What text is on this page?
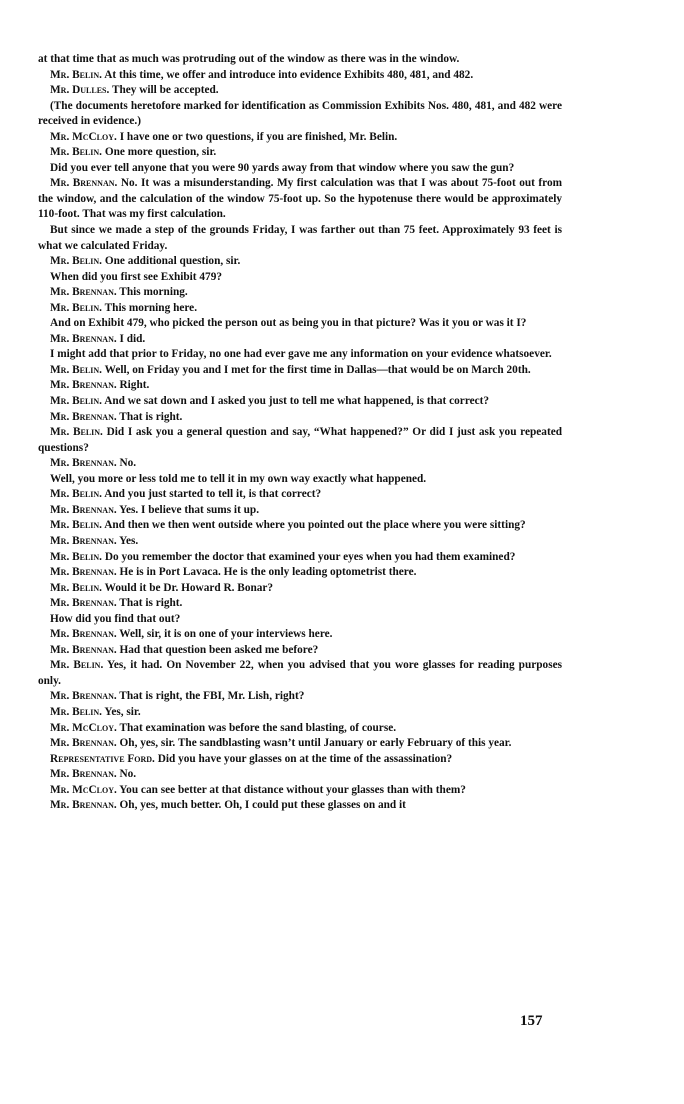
at that time that as much was protruding out of the window as there was in the window.

Mr. Belin. At this time, we offer and introduce into evidence Exhibits 480, 481, and 482.

Mr. Dulles. They will be accepted.

(The documents heretofore marked for identification as Commission Exhibits Nos. 480, 481, and 482 were received in evidence.)

Mr. McCloy. I have one or two questions, if you are finished, Mr. Belin.

Mr. Belin. One more question, sir.

Did you ever tell anyone that you were 90 yards away from that window where you saw the gun?

Mr. Brennan. No. It was a misunderstanding. My first calculation was that I was about 75-foot out from the window, and the calculation of the window 75-foot up. So the hypotenuse there would be approximately 110-foot. That was my first calculation.

But since we made a step of the grounds Friday, I was farther out than 75 feet. Approximately 93 feet is what we calculated Friday.

Mr. Belin. One additional question, sir.

When did you first see Exhibit 479?

Mr. Brennan. This morning.

Mr. Belin. This morning here.

And on Exhibit 479, who picked the person out as being you in that picture? Was it you or was it I?

Mr. Brennan. I did.

I might add that prior to Friday, no one had ever gave me any information on your evidence whatsoever.

Mr. Belin. Well, on Friday you and I met for the first time in Dallas—that would be on March 20th.

Mr. Brennan. Right.

Mr. Belin. And we sat down and I asked you just to tell me what happened, is that correct?

Mr. Brennan. That is right.

Mr. Belin. Did I ask you a general question and say, “What happened?” Or did I just ask you repeated questions?

Mr. Brennan. No.

Well, you more or less told me to tell it in my own way exactly what happened.

Mr. Belin. And you just started to tell it, is that correct?

Mr. Brennan. Yes. I believe that sums it up.

Mr. Belin. And then we then went outside where you pointed out the place where you were sitting?

Mr. Brennan. Yes.

Mr. Belin. Do you remember the doctor that examined your eyes when you had them examined?

Mr. Brennan. He is in Port Lavaca. He is the only leading optometrist there.

Mr. Belin. Would it be Dr. Howard R. Bonar?

Mr. Brennan. That is right.

How did you find that out?

Mr. Brennan. Well, sir, it is on one of your interviews here.

Mr. Brennan. Had that question been asked me before?

Mr. Belin. Yes, it had. On November 22, when you advised that you wore glasses for reading purposes only.

Mr. Brennan. That is right, the FBI, Mr. Lish, right?

Mr. Belin. Yes, sir.

Mr. McCloy. That examination was before the sand blasting, of course.

Mr. Brennan. Oh, yes, sir. The sandblasting wasn’t until January or early February of this year.

Representative Ford. Did you have your glasses on at the time of the assassination?

Mr. Brennan. No.

Mr. McCloy. You can see better at that distance without your glasses than with them?

Mr. Brennan. Oh, yes, much better. Oh, I could put these glasses on and it

157
